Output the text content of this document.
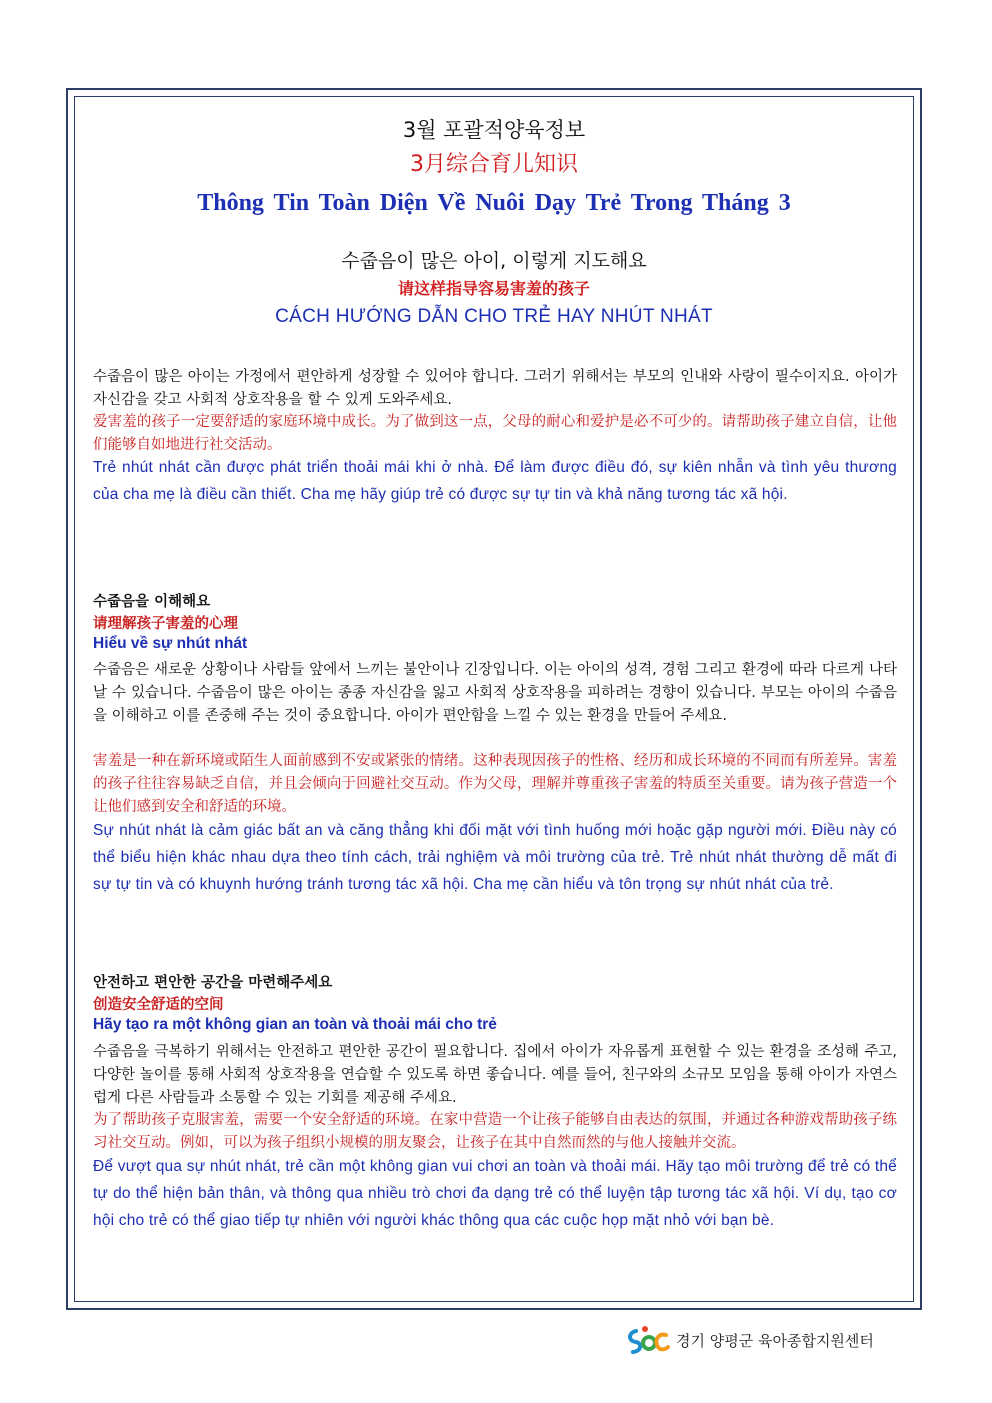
3월 포괄적양육정보
3月综合育儿知识
Thông Tin Toàn Diện Về Nuôi Dạy Trẻ Trong Tháng 3
수줍음이 많은 아이, 이렇게 지도해요
请这样指导容易害羞的孩子
CÁCH HƯỚNG DẪN CHO TRẺ HAY NHÚT NHÁT

수줍음이 많은 아이는 가정에서 편안하게 성장할 수 있어야 합니다. 그러기 위해서는 부모의 인내와 사랑이 필수이지요. 아이가 자신감을 갖고 사회적 상호작용을 할 수 있게 도와주세요.

爱害羞的孩子一定要舒适的家庭环境中成长。为了做到这一点，父母的耐心和爱护是必不可少的。请帮助孩子建立自信，让他们能够自如地进行社交活动。

Trẻ nhút nhát cần được phát triển thoải mái khi ở nhà. Để làm được điều đó, sự kiên nhẫn và tình yêu thương của cha mẹ là điều cần thiết. Cha mẹ hãy giúp trẻ có được sự tự tin và khả năng tương tác xã hội.

수줍음을 이해해요
请理解孩子害羞的心理
Hiểu về sự nhút nhát

수줍음은 새로운 상황이나 사람들 앞에서 느끼는 불안이나 긴장입니다. 이는 아이의 성격, 경험 그리고 환경에 따라 다르게 나타날 수 있습니다. 수줍음이 많은 아이는 종종 자신감을 잃고 사회적 상호작용을 피하려는 경향이 있습니다. 부모는 아이의 수줍음을 이해하고 이를 존중해 주는 것이 중요합니다. 아이가 편안함을 느낄 수 있는 환경을 만들어 주세요.

害羞是一种在新环境或陌生人面前感到不安或紧张的情绪。这种表现因孩子的性格、经历和成长环境的不同而有所差异。害羞的孩子往往容易缺乏自信，并且会倾向于回避社交互动。作为父母，理解并尊重孩子害羞的特质至关重要。请为孩子营造一个让他们感到安全和舒适的环境。

Sự nhút nhát là cảm giác bất an và căng thẳng khi đối mặt với tình huống mới hoặc gặp người mới. Điều này có thể biểu hiện khác nhau dựa theo tính cách, trải nghiệm và môi trường của trẻ. Trẻ nhút nhát thường dễ mất đi sự tự tin và có khuynh hướng tránh tương tác xã hội. Cha mẹ cần hiểu và tôn trọng sự nhút nhát của trẻ.

안전하고 편안한 공간을 마련해주세요
创造安全舒适的空间
Hãy tạo ra một không gian an toàn và thoải mái cho trẻ

수줍음을 극복하기 위해서는 안전하고 편안한 공간이 필요합니다. 집에서 아이가 자유롭게 표현할 수 있는 환경을 조성해 주고, 다양한 놀이를 통해 사회적 상호작용을 연습할 수 있도록 하면 좋습니다. 예를 들어, 친구와의 소규모 모임을 통해 아이가 자연스럽게 다른 사람들과 소통할 수 있는 기회를 제공해 주세요.

为了帮助孩子克服害羞，需要一个安全舒适的环境。在家中营造一个让孩子能够自由表达的氛围，并通过各种游戏帮助孩子练习社交互动。例如，可以为孩子组织小规模的朋友聚会，让孩子在其中自然而然的与他人接触并交流。

Để vượt qua sự nhút nhát, trẻ cần một không gian vui chơi an toàn và thoải mái. Hãy tạo môi trường để trẻ có thể tự do thể hiện bản thân, và thông qua nhiều trò chơi đa dạng trẻ có thể luyện tập tương tác xã hội. Ví dụ, tạo cơ hội cho trẻ có thể giao tiếp tự nhiên với người khác thông qua các cuộc họp mặt nhỏ với bạn bè.

경기 양평군 육아종합지원센터
